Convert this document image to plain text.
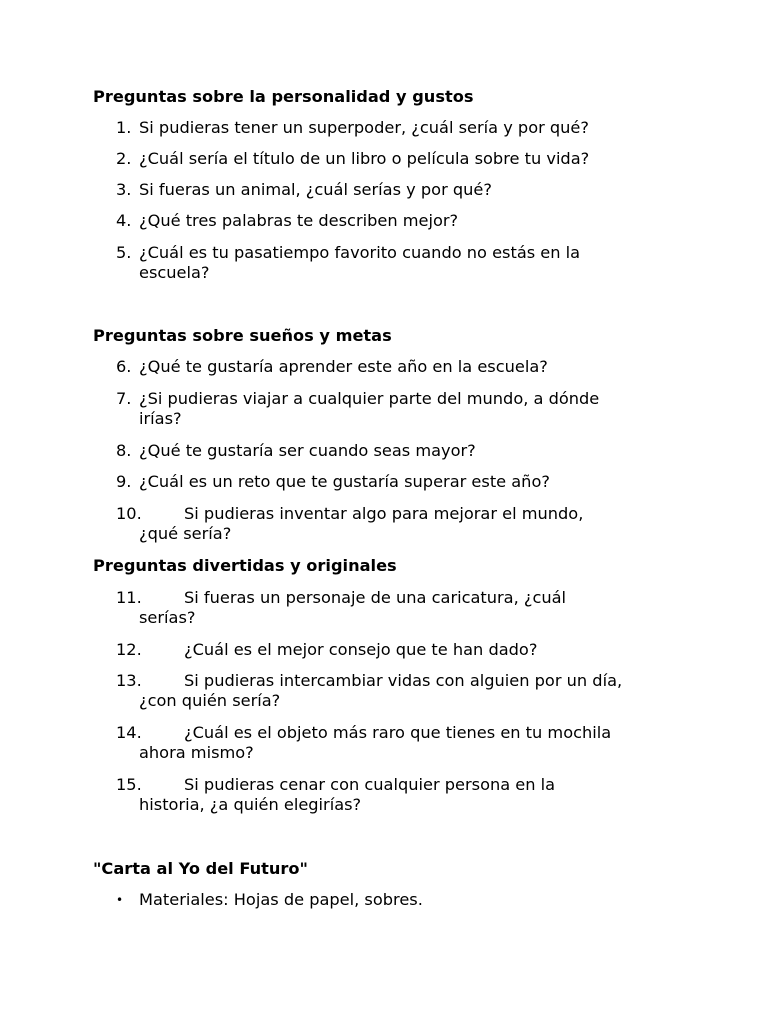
Preguntas sobre la personalidad y gustos
1. Si pudieras tener un superpoder, ¿cuál sería y por qué?
2. ¿Cuál sería el título de un libro o película sobre tu vida?
3. Si fueras un animal, ¿cuál serías y por qué?
4. ¿Qué tres palabras te describen mejor?
5. ¿Cuál es tu pasatiempo favorito cuando no estás en la
escuela?
Preguntas sobre sueños y metas
6. ¿Qué te gustaría aprender este año en la escuela?
7. ¿Si pudieras viajar a cualquier parte del mundo, a dónde
irías?
8. ¿Qué te gustaría ser cuando seas mayor?
9. ¿Cuál es un reto que te gustaría superar este año?
10.	Si pudieras inventar algo para mejorar el mundo,
¿qué sería?
Preguntas divertidas y originales
11.	Si fueras un personaje de una caricatura, ¿cuál
serías?
12.	¿Cuál es el mejor consejo que te han dado?
13.	Si pudieras intercambiar vidas con alguien por un día,
¿con quién sería?
14.	¿Cuál es el objeto más raro que tienes en tu mochila
ahora mismo?
15.	Si pudieras cenar con cualquier persona en la
historia, ¿a quién elegirías?
"Carta al Yo del Futuro"
• Materiales: Hojas de papel, sobres.
